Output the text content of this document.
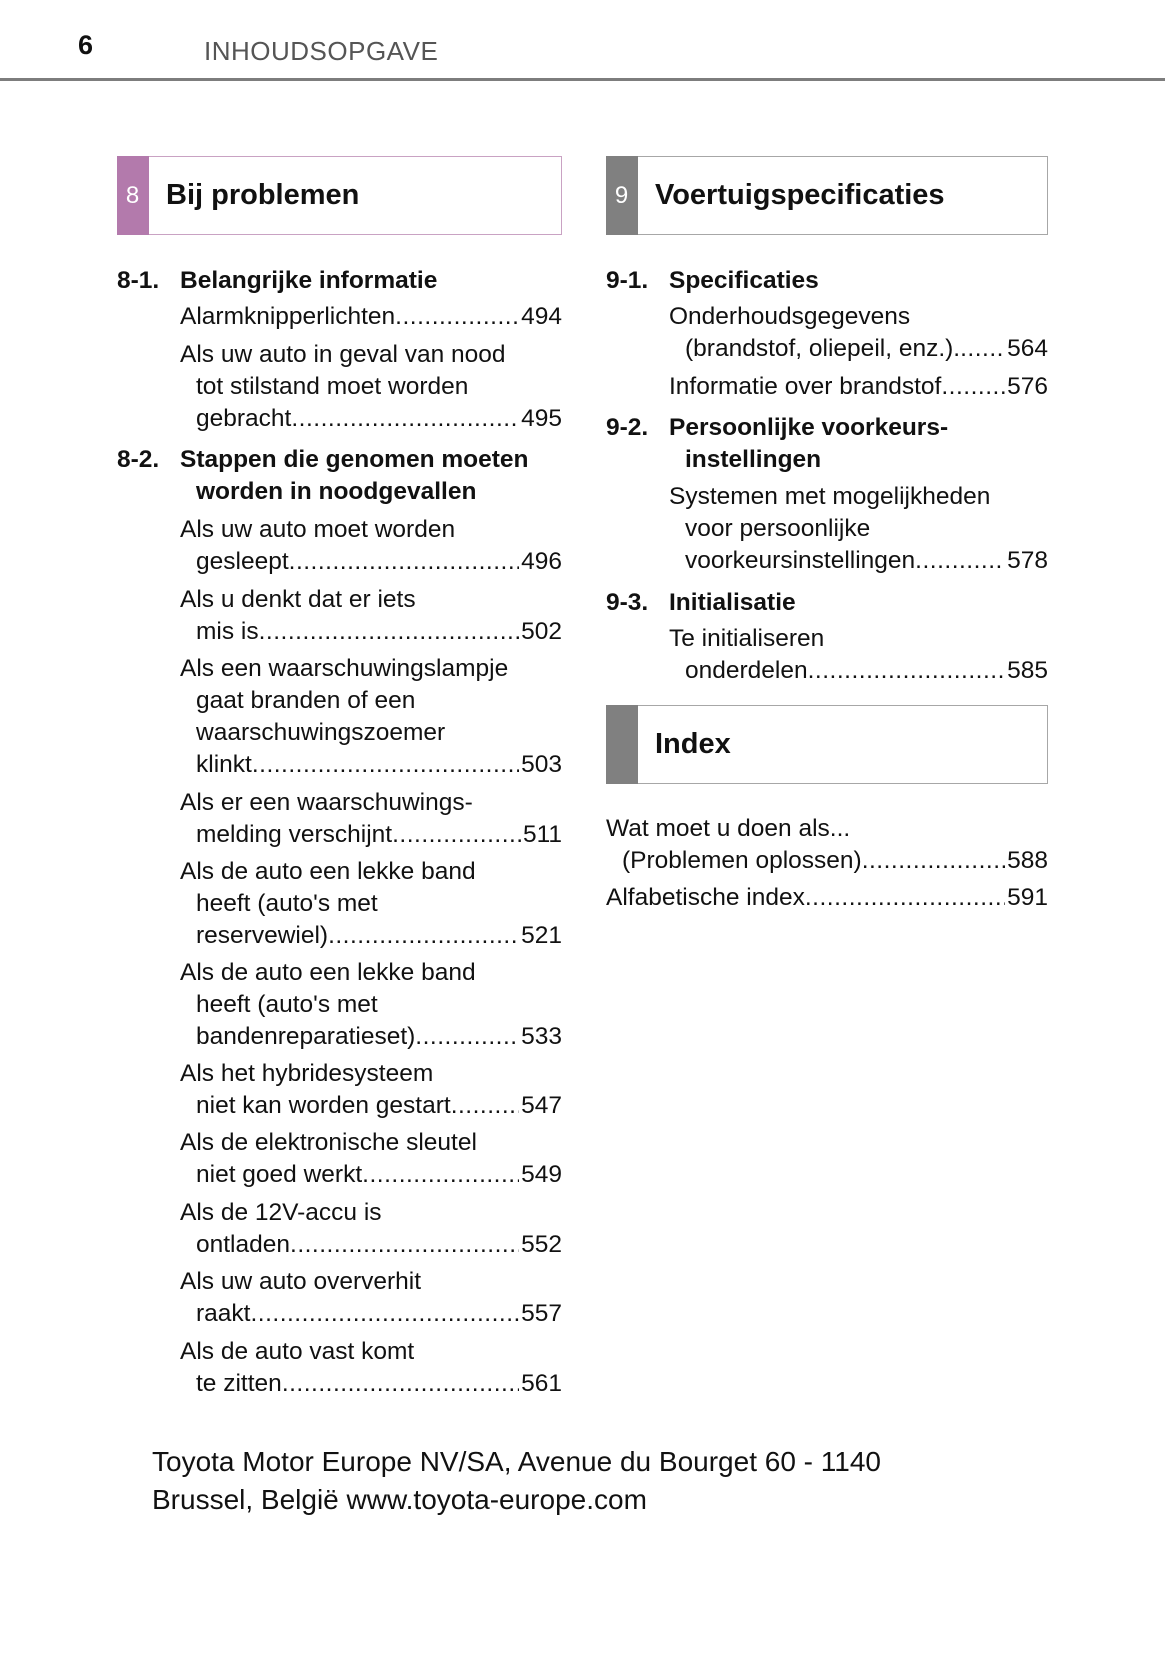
6	INHOUDSOPGAVE
8 Bij problemen
8-1. Belangrijke informatie
Alarmknipperlichten .....	494
Als uw auto in geval van nood
tot stilstand moet worden
gebracht .....	495
8-2. Stappen die genomen moeten
worden in noodgevallen
Als uw auto moet worden
gesleept .....	496
Als u denkt dat er iets
mis is .....	502
Als een waarschuwingslampje
gaat branden of een
waarschuwingszoemer
klinkt .....	503
Als er een waarschuwings-
melding verschijnt .....	511
Als de auto een lekke band
heeft (auto's met
reservewiel) .....	521
Als de auto een lekke band
heeft (auto's met
bandenreparatieset) .....	533
Als het hybridesysteem
niet kan worden gestart .....	547
Als de elektronische sleutel
niet goed werkt .....	549
Als de 12V-accu is
ontladen .....	552
Als uw auto oververhit
raakt .....	557
Als de auto vast komt
te zitten .....	561
9 Voertuigspecificaties
9-1. Specificaties
Onderhoudsgegevens
(brandstof, oliepeil, enz.). ..... 564
Informatie over brandstof .....	576
9-2. Persoonlijke voorkeurs-
instellingen
Systemen met mogelijkheden
voor persoonlijke
voorkeursinstellingen .....	578
9-3. Initialisatie
Te initialiseren
onderdelen .....	585
Index
Wat moet u doen als...
(Problemen oplossen) .....	588
Alfabetische index .....	591
Toyota Motor Europe NV/SA, Avenue du Bourget 60 - 1140
Brussel, België www.toyota-europe.com
